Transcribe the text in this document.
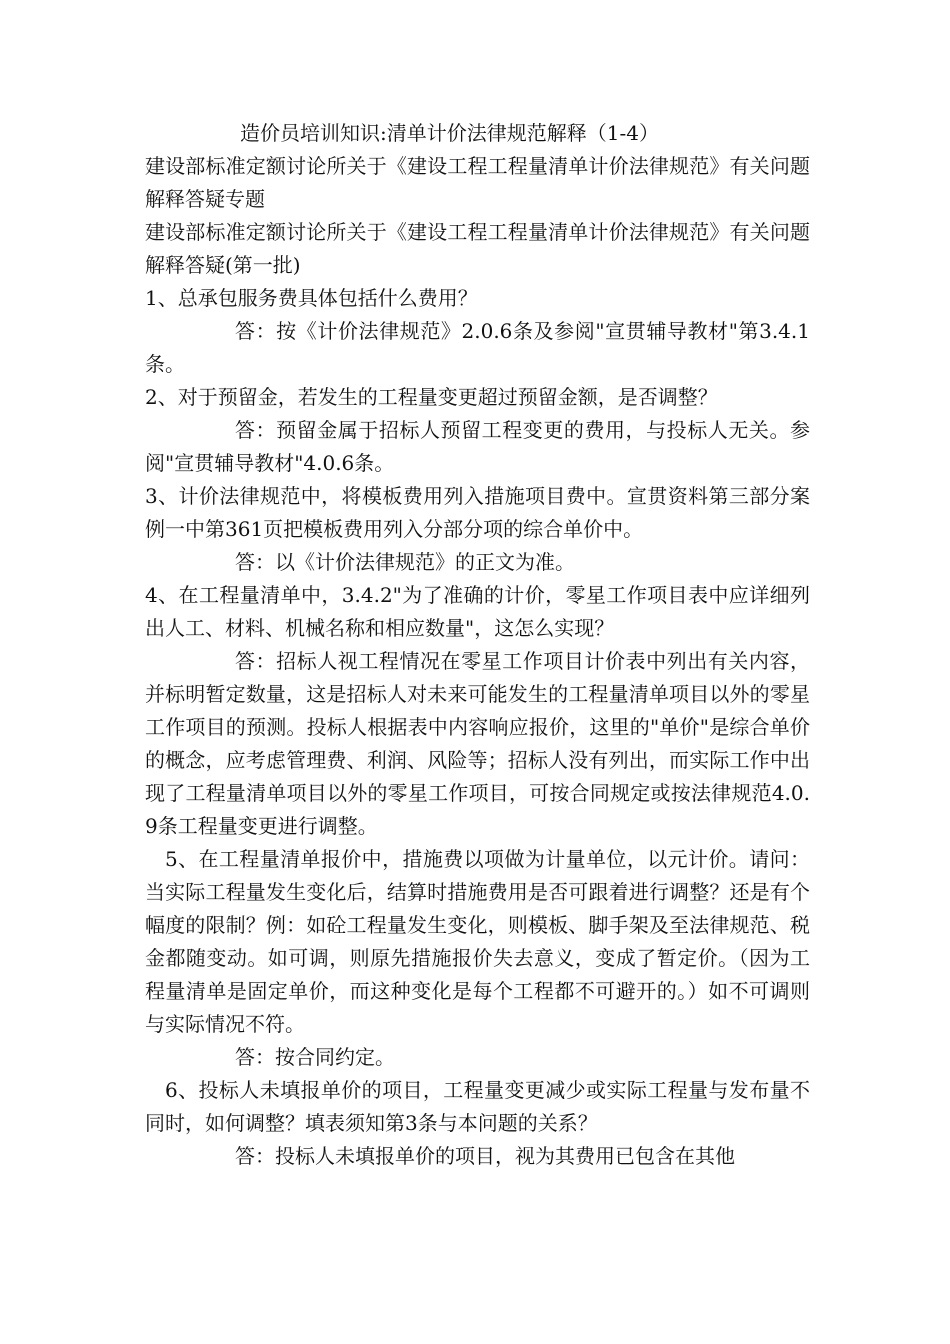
造价员培训知识:清单计价法律规范解释（1-4）

建设部标准定额讨论所关于《建设工程工程量清单计价法律规范》有关问题解释答疑专题

建设部标准定额讨论所关于《建设工程工程量清单计价法律规范》有关问题解释答疑(第一批)

1、总承包服务费具体包括什么费用？

答：按《计价法律规范》2.0.6条及参阅"宣贯辅导教材"第3.4.1条。

2、对于预留金，若发生的工程量变更超过预留金额，是否调整？

答：预留金属于招标人预留工程变更的费用，与投标人无关。参阅"宣贯辅导教材"4.0.6条。

3、计价法律规范中，将模板费用列入措施项目费中。宣贯资料第三部分案例一中第361页把模板费用列入分部分项的综合单价中。

答：以《计价法律规范》的正文为准。

4、在工程量清单中，3.4.2"为了准确的计价，零星工作项目表中应详细列出人工、材料、机械名称和相应数量"，这怎么实现？

答：招标人视工程情况在零星工作项目计价表中列出有关内容，并标明暂定数量，这是招标人对未来可能发生的工程量清单项目以外的零星工作项目的预测。投标人根据表中内容响应报价，这里的"单价"是综合单价的概念，应考虑管理费、利润、风险等；招标人没有列出，而实际工作中出现了工程量清单项目以外的零星工作项目，可按合同规定或按法律规范4.0.9条工程量变更进行调整。

5、在工程量清单报价中，措施费以项做为计量单位，以元计价。请问：当实际工程量发生变化后，结算时措施费用是否可跟着进行调整？还是有个幅度的限制？例：如砼工程量发生变化，则模板、脚手架及至法律规范、税金都随变动。如可调，则原先措施报价失去意义，变成了暂定价。（因为工程量清单是固定单价，而这种变化是每个工程都不可避开的。）如不可调则与实际情况不符。

答：按合同约定。

6、投标人未填报单价的项目，工程量变更减少或实际工程量与发布量不同时，如何调整？填表须知第3条与本问题的关系？

答：投标人未填报单价的项目，视为其费用已包含在其他
